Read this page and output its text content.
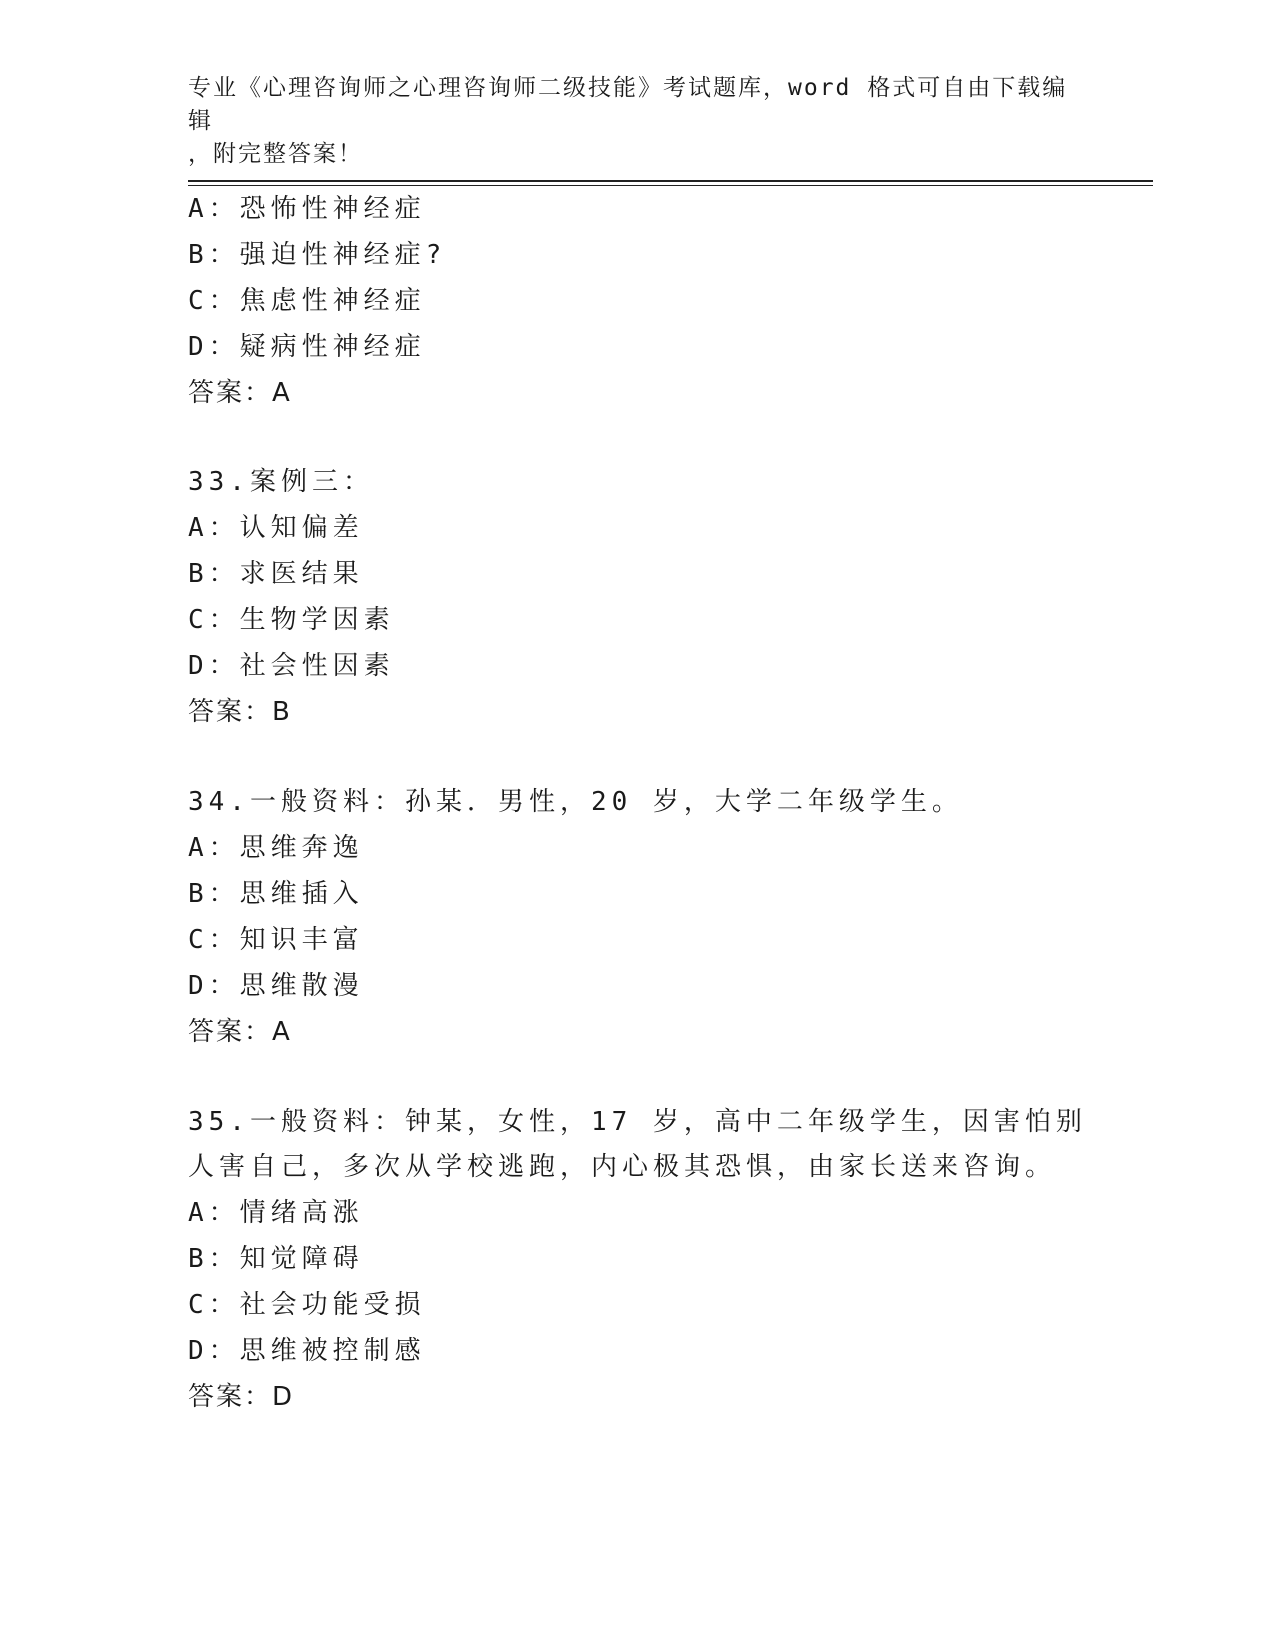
专业《心理咨询师之心理咨询师二级技能》考试题库，word 格式可自由下载编辑
，附完整答案！
A：恐怖性神经症
B：强迫性神经症?
C：焦虑性神经症
D：疑病性神经症
答案：A
33.案例三：
A：认知偏差
B：求医结果
C：生物学因素
D：社会性因素
答案：B
34.一般资料：孙某．男性，20 岁，大学二年级学生。
A：思维奔逸
B：思维插入
C：知识丰富
D：思维散漫
答案：A
35.一般资料：钟某，女性，17 岁，高中二年级学生，因害怕别人害自己，多次从学校逃跑，内心极其恐惧，由家长送来咨询。
A：情绪高涨
B：知觉障碍
C：社会功能受损
D：思维被控制感
答案：D
